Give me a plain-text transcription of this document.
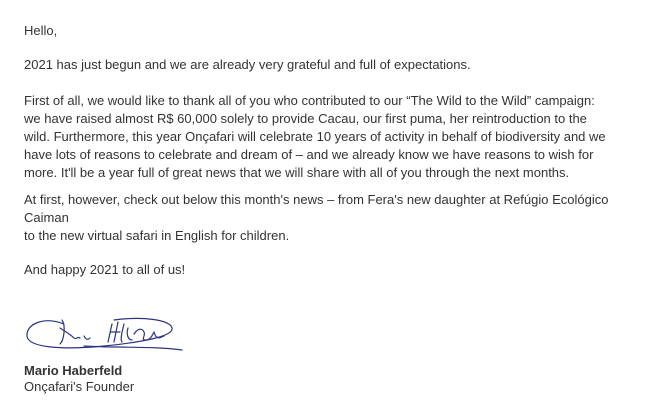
Hello,

2021 has just begun and we are already very grateful and full of expectations.

First of all, we would like to thank all of you who contributed to our “The Wild to the Wild” campaign:

we have raised almost R$ 60,000 solely to provide Cacau, our first puma, her reintroduction to the

wild. Furthermore, this year Onçafari will celebrate 10 years of activity in behalf of biodiversity and we

have lots of reasons to celebrate and dream of – and we already know we have reasons to wish for

more. It'll be a year full of great news that we will share with all of you through the next months.

At first, however, check out below this month's news – from Fera's new daughter at Refúgio Ecológico

Caiman

to the new virtual safari in English for children.

And happy 2021 to all of us!

Mario Haberfeld
Onçafari's Founder
